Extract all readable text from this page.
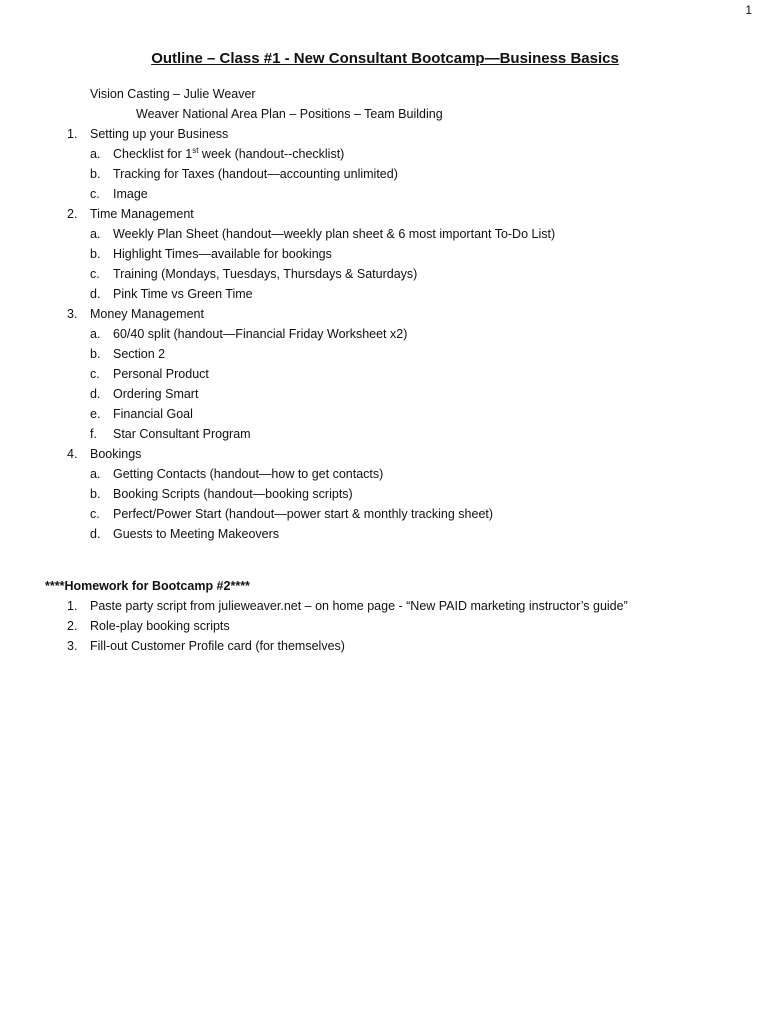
1
Outline – Class #1 - New Consultant Bootcamp—Business Basics
Vision Casting – Julie Weaver
Weaver National Area Plan – Positions – Team Building
1. Setting up your Business
a. Checklist for 1st week (handout--checklist)
b. Tracking for Taxes (handout—accounting unlimited)
c. Image
2. Time Management
a. Weekly Plan Sheet (handout—weekly plan sheet & 6 most important To-Do List)
b. Highlight Times—available for bookings
c. Training (Mondays, Tuesdays, Thursdays & Saturdays)
d. Pink Time vs Green Time
3. Money Management
a. 60/40 split (handout—Financial Friday Worksheet x2)
b. Section 2
c. Personal Product
d. Ordering Smart
e. Financial Goal
f. Star Consultant Program
4. Bookings
a. Getting Contacts (handout—how to get contacts)
b. Booking Scripts (handout—booking scripts)
c. Perfect/Power Start (handout—power start & monthly tracking sheet)
d. Guests to Meeting Makeovers
****Homework for Bootcamp #2****
1. Paste party script from julieweaver.net – on home page - “New PAID marketing instructor’s guide”
2. Role-play booking scripts
3. Fill-out Customer Profile card (for themselves)
